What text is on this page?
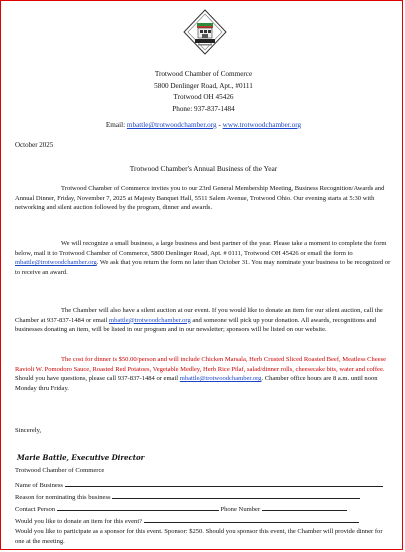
Trotwood Chamber of Commerce
5800 Denlinger Road, Apt., #0111
Trotwood OH 45426
Phone: 937-837-1484
Email: mbattle@trotwoodchamber.org - www.trotwoodchamber.org
October 2025
Trotwood Chamber's Annual Business of the Year

Trotwood Chamber of Commerce invites you to our 23rd General Membership Meeting, Business Recognition/Awards and Annual Dinner, Friday, November 7, 2025 at Majesty Banquet Hall, 5511 Salem Avenue, Trotwood Ohio. Our evening starts at 5:30 with networking and silent auction followed by the program, dinner and awards.

We will recognize a small business, a large business and best partner of the year. Please take a moment to complete the form below, mail it to Trotwood Chamber of Commerce, 5800 Denlinger Road, Apt. # 0111, Trotwood OH 45426 or email the form to mbattle@trotwoodchamber.org. We ask that you return the form no later than October 31. You may nominate your business to be recognized or to receive an award.

The Chamber will also have a silent auction at our event. If you would like to donate an item for our silent auction, call the Chamber at 937-837-1484 or email mbattle@trotwoodchamber.org and someone will pick up your donation. All awards, recognitions and businesses donating an item, will be listed in our program and in our newsletter; sponsors will be listed on our website.

The cost for dinner is $50.00/person and will include Chicken Marsala, Herb Crusted Sliced Roasted Beef, Meatless Cheese Ravioli W. Pomodoro Sauce, Roasted Red Potatoes, Vegetable Medley, Herb Rice Pilaf, salad/dinner rolls, cheesecake bits, water and coffee. Should you have questions, please call 937-837-1484 or email mbattle@trotwoodchamber.org. Chamber office hours are 8 a.m. until noon Monday thru Friday.

Sincerely,
Marie Battle, Executive Director
Trotwood Chamber of Commerce
Name of Business
Reason for nominating this business
Contact Person	Phone Number
Would you like to donate an item for this event?

Would you like to participate as a sponsor for this event. Sponsor: $250. Should you sponsor this event, the Chamber will provide dinner for one at the meeting.
